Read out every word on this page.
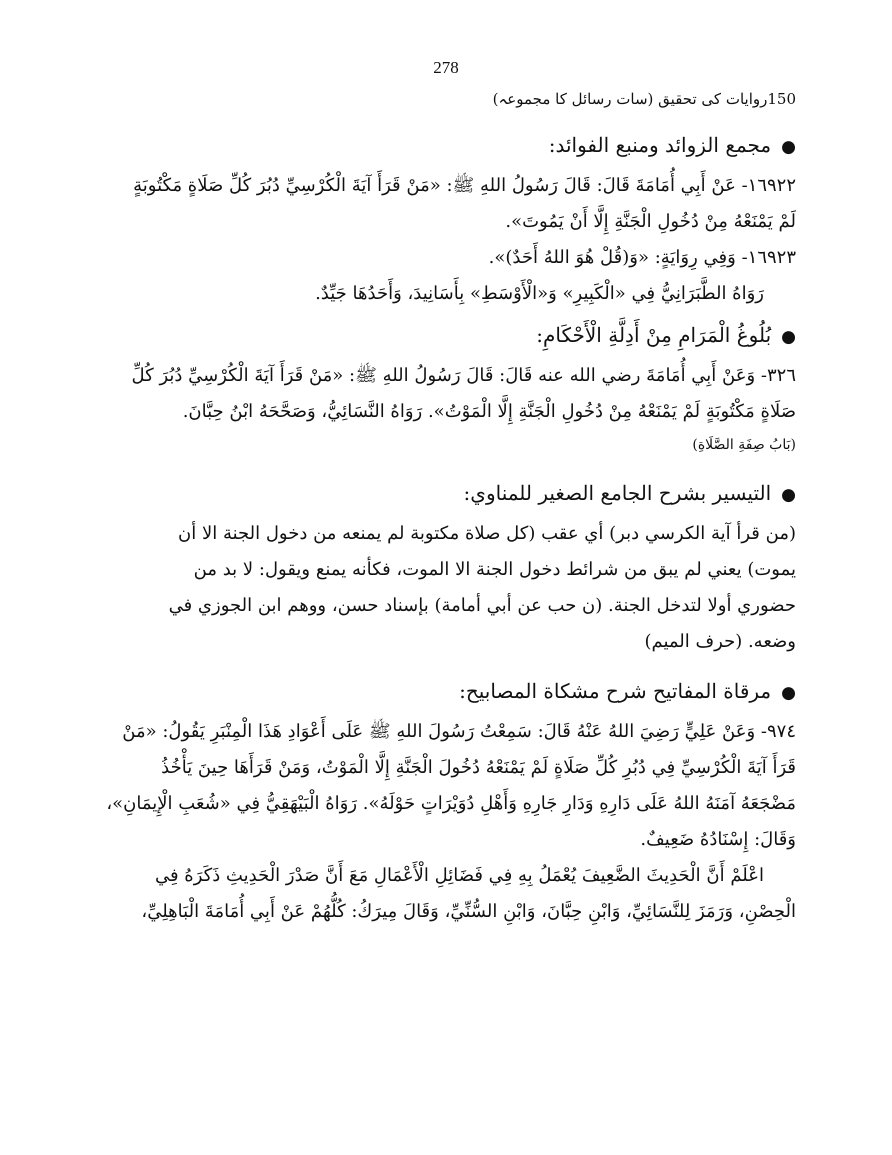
278
150روایات کی تحقیق (سات رسائل کا مجموعہ)
●مجمع الزوائد ومنبع الفوائد:
١٦٩٢٢- عَنْ أَبِي أُمَامَةَ قَالَ: قَالَ رَسُولُ اللهِ ﷺ: «مَنْ قَرَأَ آيَةَ الْكُرْسِيِّ دُبُرَ كُلِّ صَلَاةٍ مَكْتُوبَةٍ
لَمْ يَمْنَعْهُ مِنْ دُخُولِ الْجَنَّةِ إِلَّا أَنْ يَمُوتَ».
١٦٩٢٣- وَفِي رِوَايَةٍ: «وَ(قُلْ هُوَ اللهُ أَحَدٌ)».
رَوَاهُ الطَّبَرَانِيُّ فِي «الْكَبِيرِ» وَ«الْأَوْسَطِ» بِأَسَانِيدَ، وَأَحَدُهَا جَيِّدٌ.
●بُلُوغُ الْمَرَامِ مِنْ أَدِلَّةِ الْأَحْكَامِ:
٣٢٦- وَعَنْ أَبِي أُمَامَةَ رضي الله عنه قَالَ: قَالَ رَسُولُ اللهِ ﷺ: «مَنْ قَرَأَ آيَةَ الْكُرْسِيِّ دُبُرَ كُلِّ
صَلَاةٍ مَكْتُوبَةٍ لَمْ يَمْنَعْهُ مِنْ دُخُولِ الْجَنَّةِ إِلَّا الْمَوْتُ». رَوَاهُ النَّسَائِيُّ، وَصَحَّحَهُ ابْنُ حِبَّانَ.
(بَابُ صِفَةِ الصَّلَاةِ)
●التيسير بشرح الجامع الصغير للمناوي:
(من قرأ آية الكرسي دبر) أي عقب (كل صلاة مكتوبة لم يمنعه من دخول الجنة الا أن
يموت) يعني لم يبق من شرائط دخول الجنة الا الموت، فكأنه يمنع ويقول: لا بد من
حضوري أولا لتدخل الجنة. (ن حب عن أبي أمامة) بإسناد حسن، ووهم ابن الجوزي في
وضعه. (حرف الميم)
●مرقاة المفاتيح شرح مشكاة المصابيح:
٩٧٤- وَعَنْ عَلِيٍّ رَضِيَ اللهُ عَنْهُ قَالَ: سَمِعْتُ رَسُولَ اللهِ ﷺ عَلَى أَعْوَادِ هَذَا الْمِنْبَرِ يَقُولُ: «مَنْ
قَرَأَ آيَةَ الْكُرْسِيِّ فِي دُبُرِ كُلِّ صَلَاةٍ لَمْ يَمْنَعْهُ دُخُولَ الْجَنَّةِ إِلَّا الْمَوْتُ، وَمَنْ قَرَأَهَا حِينَ يَأْخُذُ
مَضْجَعَهُ آمَنَهُ اللهُ عَلَى دَارِهِ وَدَارِ جَارِهِ وَأَهْلِ دُوَيْرَاتٍ حَوْلَهُ». رَوَاهُ الْبَيْهَقِيُّ فِي «شُعَبِ الْإِيمَانِ»،
وَقَالَ: إِسْنَادُهُ ضَعِيفٌ.
اعْلَمْ أَنَّ الْحَدِيثَ الضَّعِيفَ يُعْمَلُ بِهِ فِي فَضَائِلِ الْأَعْمَالِ مَعَ أَنَّ صَدْرَ الْحَدِيثِ ذَكَرَهُ فِي
الْحِصْنِ، وَرَمَزَ لِلنَّسَائِيِّ، وَابْنِ حِبَّانَ، وَابْنِ السُّنِّيِّ، وَقَالَ مِيرَكُ: كُلُّهُمْ عَنْ أَبِي أُمَامَةَ الْبَاهِلِيِّ،
